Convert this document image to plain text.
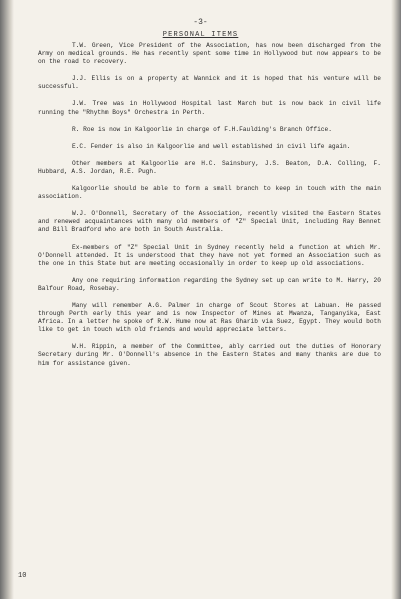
-3-
PERSONAL ITEMS

T.W. Green, Vice President of the Association, has now been discharged from the Army on medical grounds. He has recently spent some time in Hollywood but now appears to be on the road to recovery.

J.J. Ellis is on a property at Wannick and it is hoped that his venture will be successful.

J.W. Tree was in Hollywood Hospital last March but is now back in civil life running the "Rhythm Boys" Orchestra in Perth.

R. Roe is now in Kalgoorlie in charge of F.H.Faulding's Branch Office.

E.C. Fender is also in Kalgoorlie and well established in civil life again.

Other members at Kalgoorlie are H.C. Sainsbury, J.S. Beaton, D.A. Colling, F. Hubbard, A.S. Jordan, R.E. Pugh.

Kalgoorlie should be able to form a small branch to keep in touch with the main association.

W.J. O'Donnell, Secretary of the Association, recently visited the Eastern States and renewed acquaintances with many old members of "Z" Special Unit, including Ray Bennet and Bill Bradford who are both in South Australia.

Ex-members of "Z" Special Unit in Sydney recently held a function at which Mr. O'Donnell attended. It is understood that they have not yet formed an Association such as the one in this State but are meeting occasionally in order to keep up old associations.

Any one requiring information regarding the Sydney set up can write to M. Harry, 20 Balfour Road, Rosebay.

Many will remember A.G. Palmer in charge of Scout Stores at Labuan. He passed through Perth early this year and is now Inspector of Mines at Mwanza, Tanganyika, East Africa. In a letter he spoke of R.W. Hume now at Ras Gharib via Suez, Egypt. They would both like to get in touch with old friends and would appreciate letters.

W.H. Rippin, a member of the Committee, ably carried out the duties of Honorary Secretary during Mr. O'Donnell's absence in the Eastern States and many thanks are due to him for assistance given.

10
